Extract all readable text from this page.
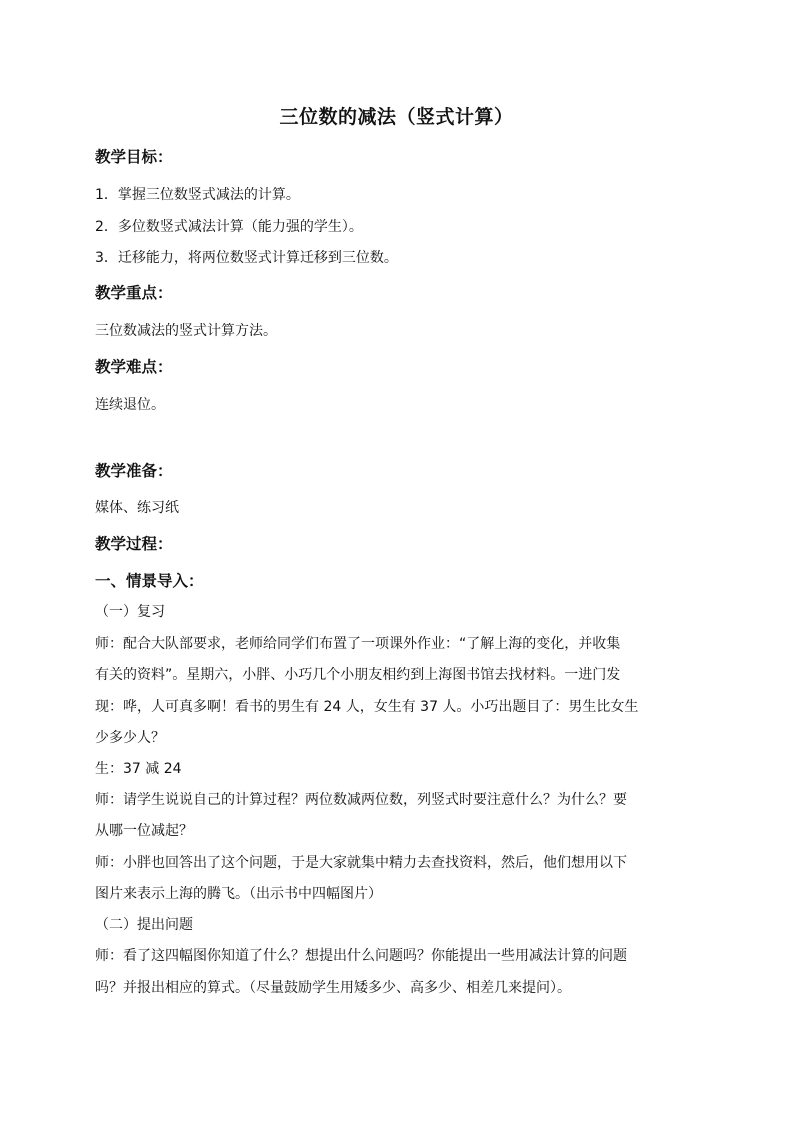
三位数的减法（竖式计算）
教学目标：
1．掌握三位数竖式减法的计算。
2．多位数竖式减法计算（能力强的学生）。
3．迁移能力，将两位数竖式计算迁移到三位数。
教学重点：
三位数减法的竖式计算方法。
教学难点：
连续退位。
教学准备：
媒体、练习纸
教学过程：
一、情景导入：
（一）复习
师：配合大队部要求，老师给同学们布置了一项课外作业：“了解上海的变化，并收集
有关的资料”。星期六，小胖、小巧几个小朋友相约到上海图书馆去找材料。一进门发
现：哗，人可真多啊！看书的男生有 24 人，女生有 37 人。小巧出题目了：男生比女生
少多少人？
生：37 减 24
师：请学生说说自己的计算过程？两位数减两位数，列竖式时要注意什么？为什么？要
从哪一位减起？
师：小胖也回答出了这个问题，于是大家就集中精力去查找资料，然后，他们想用以下
图片来表示上海的腾飞。（出示书中四幅图片）
（二）提出问题
师：看了这四幅图你知道了什么？想提出什么问题吗？你能提出一些用减法计算的问题
吗？并报出相应的算式。（尽量鼓励学生用矮多少、高多少、相差几来提问）。
